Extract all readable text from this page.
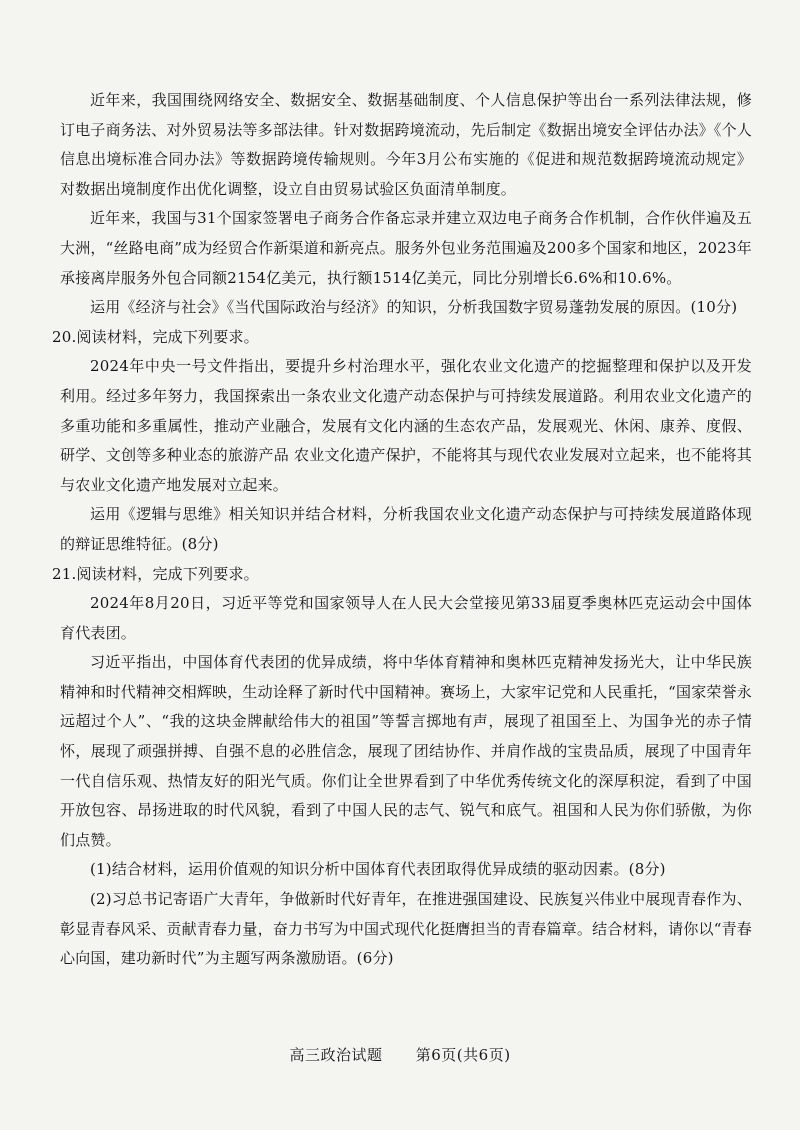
近年来，我国围绕网络安全、数据安全、数据基础制度、个人信息保护等出台一系列法律法规，修订电子商务法、对外贸易法等多部法律。针对数据跨境流动，先后制定《数据出境安全评估办法》《个人信息出境标准合同办法》等数据跨境传输规则。今年3月公布实施的《促进和规范数据跨境流动规定》对数据出境制度作出优化调整，设立自由贸易试验区负面清单制度。

近年来，我国与31个国家签署电子商务合作备忘录并建立双边电子商务合作机制，合作伙伴遍及五大洲，“丝路电商”成为经贸合作新渠道和新亮点。服务外包业务范围遍及200多个国家和地区，2023年承接离岸服务外包合同额2154亿美元，执行额1514亿美元，同比分别增长6.6%和10.6%。

运用《经济与社会》《当代国际政治与经济》的知识，分析我国数字贸易蓬勃发展的原因。(10分)

20.阅读材料，完成下列要求。

2024年中央一号文件指出，要提升乡村治理水平，强化农业文化遗产的挖掘整理和保护以及开发利用。经过多年努力，我国探索出一条农业文化遗产动态保护与可持续发展道路。利用农业文化遗产的多重功能和多重属性，推动产业融合，发展有文化内涵的生态农产品，发展观光、休闲、康养、度假、研学、文创等多种业态的旅游产品 农业文化遗产保护，不能将其与现代农业发展对立起来，也不能将其与农业文化遗产地发展对立起来。

运用《逻辑与思维》相关知识并结合材料，分析我国农业文化遗产动态保护与可持续发展道路体现的辩证思维特征。(8分)

21.阅读材料，完成下列要求。

2024年8月20日，习近平等党和国家领导人在人民大会堂接见第33届夏季奥林匹克运动会中国体育代表团。

习近平指出，中国体育代表团的优异成绩，将中华体育精神和奥林匹克精神发扬光大，让中华民族精神和时代精神交相辉映，生动诠释了新时代中国精神。赛场上，大家牢记党和人民重托，“国家荣誉永远超过个人”、“我的这块金牌献给伟大的祖国”等誓言掷地有声，展现了祖国至上、为国争光的赤子情怀，展现了顽强拼搏、自强不息的必胜信念，展现了团结协作、并肩作战的宝贵品质，展现了中国青年一代自信乐观、热情友好的阳光气质。你们让全世界看到了中华优秀传统文化的深厚积淀，看到了中国开放包容、昂扬进取的时代风貌，看到了中国人民的志气、锐气和底气。祖国和人民为你们骄傲，为你们点赞。

(1)结合材料，运用价值观的知识分析中国体育代表团取得优异成绩的驱动因素。(8分)

(2)习总书记寄语广大青年，争做新时代好青年，在推进强国建设、民族复兴伟业中展现青春作为、彰显青春风采、贡献青春力量，奋力书写为中国式现代化挺膺担当的青春篇章。结合材料，请你以“青春心向国，建功新时代”为主题写两条激励语。(6分)

高三政治试题 第6页(共6页)
